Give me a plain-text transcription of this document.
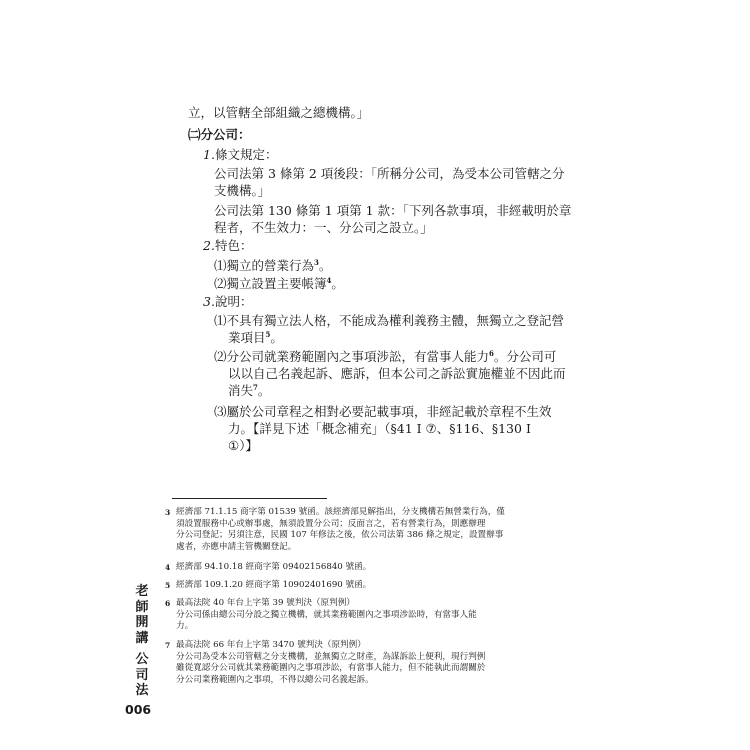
立，以管轄全部組織之總機構。」
㈡分公司：
1.條文規定：
公司法第 3 條第 2 項後段：「所稱分公司，為受本公司管轄之分
支機構。」
公司法第 130 條第 1 項第 1 款：「下列各款事項，非經載明於章
程者，不生效力：一、分公司之設立。」
2.特色：
⑴獨立的營業行為$^3$。
⑵獨立設置主要帳簿$^4$。
3.說明：
⑴不具有獨立法人格，不能成為權利義務主體，無獨立之登記營
業項目$^5$。
⑵分公司就業務範圍內之事項涉訟，有當事人能力$^6$。分公司可
以以自己名義起訴、應訴，但本公司之訴訟實施權並不因此而
消失$^7$。
⑶屬於公司章程之相對必要記載事項，非經記載於章程不生效
力。【詳見下述「概念補充」（§41 Ⅰ ⑦、§116、§130 Ⅰ
①）】
3 經濟部 71.1.15 商字第 01539 號函。該經濟部見解指出，分支機構若無營業行為，僅
須設置服務中心或辦事處，無須設置分公司；反面言之，若有營業行為，則應辦理
分公司登記；另須注意，民國 107 年修法之後，依公司法第 386 條之規定，設置辦事
處者，亦應申請主管機關登記。
4 經濟部 94.10.18 經商字第 09402156840 號函。
5 經濟部 109.1.20 經商字第 10902401690 號函。
6 最高法院 40 年台上字第 39 號判決（原判例）
分公司係由總公司分設之獨立機構，就其業務範圍內之事項涉訟時，有當事人能
力。
7 最高法院 66 年台上字第 3470 號判決（原判例）
分公司為受本公司管轄之分支機構，並無獨立之財產，為謀訴訟上便利，現行判例
雖從寬認分公司就其業務範圍內之事項涉訟，有當事人能力，但不能執此而謂關於
分公司業務範圍內之事項，不得以總公司名義起訴。
老
師
開
講
公
司
法
006
